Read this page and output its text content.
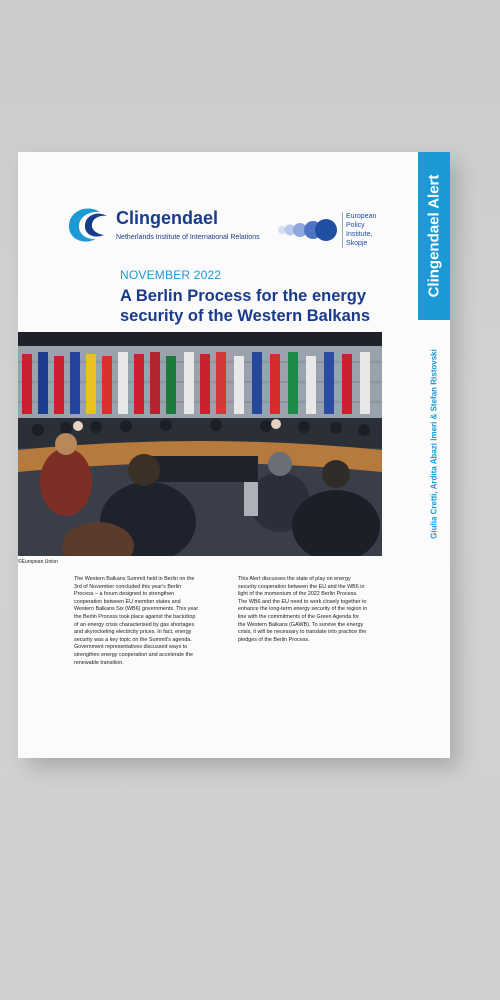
Clingendael Alert
Giulia Cretti, Ardita Abazi Imeri & Stefan Ristovski
Clingendael
Netherlands Institute of International Relations
European
Policy
Institute,
Skopje
NOVEMBER 2022
A Berlin Process for the energy security of the Western Balkans
©European Union
The Western Balkans Summit held in Berlin on the 3rd of November concluded this year's Berlin Process – a forum designed to strengthen cooperation between EU member states and Western Balkans Six (WB6) governments. This year the Berlin Process took place against the backdrop of an energy crisis characterised by gas shortages and skyrocketing electricity prices. In fact, energy security was a key topic on the Summit's agenda. Government representatives discussed ways to strengthen energy cooperation and accelerate the renewable transition.
This Alert discusses the state of play on energy security cooperation between the EU and the WB6 in light of the momentum of the 2022 Berlin Process. The WB6 and the EU need to work closely together to enhance the long-term energy security of the region in line with the commitments of the Green Agenda for the Western Balkans (GAWB). To survive the energy crisis, it will be necessary to translate into practice the pledges of the Berlin Process.
